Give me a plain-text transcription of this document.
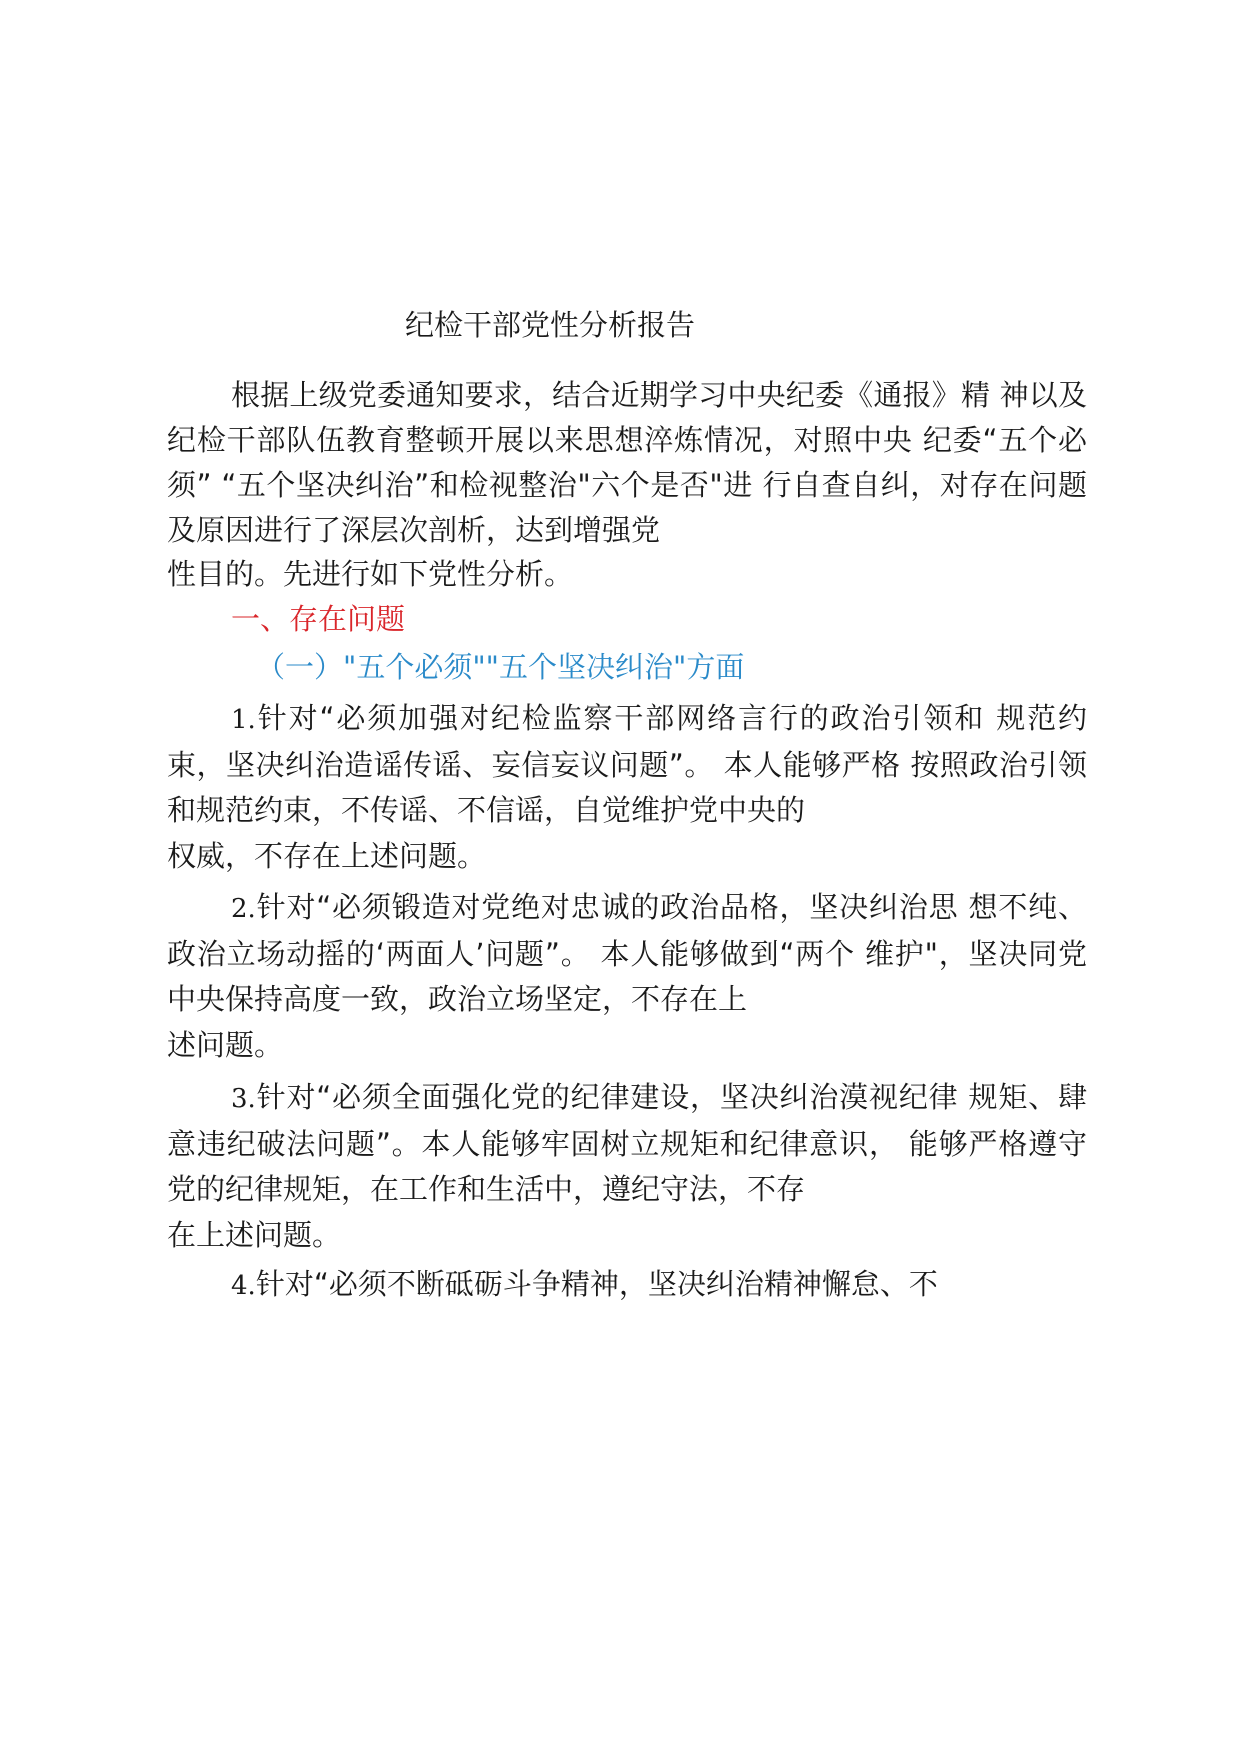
纪检干部党性分析报告
根据上级党委通知要求，结合近期学习中央纪委《通报》精 神以及纪检干部队伍教育整顿开展以来思想淬炼情况，对照中央 纪委“五个必须” “五个坚决纠治”和检视整治"六个是否"进 行自查自纠，对存在问题及原因进行了深层次剖析，达到增强党
性目的。先进行如下党性分析。
一、存在问题
（一）"五个必须""五个坚决纠治"方面
1.针对“必须加强对纪检监察干部网络言行的政治引领和 规范约束，坚决纠治造谣传谣、妄信妄议问题”。 本人能够严格 按照政治引领和规范约束，不传谣、不信谣，自觉维护党中央的
权威，不存在上述问题。
2.针对“必须锻造对党绝对忠诚的政治品格，坚决纠治思 想不纯、政治立场动摇的‘两面人’问题”。 本人能够做到“两个 维护"，坚决同党中央保持高度一致，政治立场坚定，不存在上
述问题。
3.针对“必须全面强化党的纪律建设，坚决纠治漠视纪律 规矩、肆意违纪破法问题”。本人能够牢固树立规矩和纪律意识， 能够严格遵守党的纪律规矩，在工作和生活中，遵纪守法，不存
在上述问题。
4.针对“必须不断砥砺斗争精神，坚决纠治精神懈怠、不
